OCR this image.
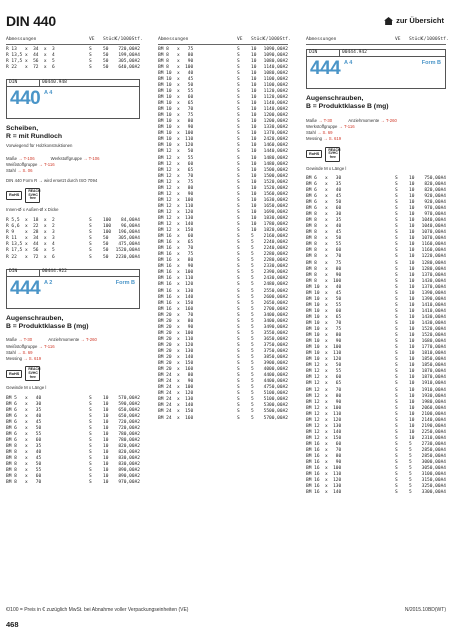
DIN 440	zur Übersicht
Abmessungen	VE	Stück
€/1000Stf.
R 13   x  34  x  3	S	50	720,00A2
R 13,5 x  44  x  4	S	50	199,00A4
R 17,5 x  56  x  5	S	50	305,00A2
R 22   x  72  x  6	S	50	640,00A2
DIN	00440.948
440 A 4
Scheiben,
R = mit Rundloch
Vorwiegend für Holzkonstruktionen
Maße → T-106	Werkstoffgruppe → T-106
Weißstoffgruppe → T-116
Stahl → S. 06
DIN 440 Form R → wird ersetzt durch ISO 7094
RoHS
REACH SVHC free
Innen-Ø x Außen-Ø x Dicke
R 5,5  x  18  x  2	S	100	84,00A4
R 6,6  x  22  x  2	S	100	96,00A4
R 9    x  28  x  3	S	100	196,00A4
R 11   x  34  x  3	S	50	305,00A4
R 13,5 x  44  x  4	S	50	475,00A4
R 17,5 x  56  x  5	S	50	1520,00A4
R 22   x  72  x  6	S	50	2230,00A4
DIN	00444.922
444 A 2	Form B
Augenschrauben,
B = Produktklasse B (mg)
Maße → T-30	Anziehmomente → T-260
Weißstoffgruppe → T-116
Stahl → S. 69
Messing → S. 619
RoHS
REACH SVHC free
Gewinde M x Länge l
BM 5   x   40	S	10	570,00A2
BM 6   x   30	S	10	590,00A2
BM 6   x   35	S	10	650,00A2
BM 6   x   40	S	10	650,00A2
BM 6   x   45	S	10	720,00A2
BM 6   x   50	S	10	720,00A2
BM 6   x   55	S	10	780,00A2
BM 6   x   60	S	10	780,00A2
BM 8   x   35	S	10	820,00A2
BM 8   x   40	S	10	820,00A2
BM 8   x   45	S	10	830,00A2
BM 8   x   50	S	10	830,00A2
BM 8   x   55	S	10	890,00A2
BM 8   x   60	S	10	890,00A2
BM 8   x   70	S	10	970,00A2
Abmessungen	VE	Stück
€/1000Stf.
BM 8   x   75	S	10	1090,00A2
BM 8   x   80	S	10	1090,00A2
BM 8   x   90	S	10	1080,00A2
BM 8   x  100	S	10	1140,00A2
BM 10  x   40	S	10	1080,00A2
BM 10  x   45	S	10	1100,00A2
BM 10  x   50	S	10	1100,00A2
BM 10  x   55	S	10	1120,00A2
BM 10  x   60	S	10	1120,00A2
BM 10  x   65	S	10	1140,00A2
BM 10  x   70	S	10	1140,00A2
BM 10  x   75	S	10	1200,00A2
BM 10  x   80	S	10	1200,00A2
BM 10  x   90	S	10	1330,00A2
BM 10  x  100	S	10	1370,00A2
BM 10  x  110	S	10	2420,00A2
BM 10  x  120	S	10	1460,00A2
BM 12  x   50	S	10	1440,00A2
BM 12  x   55	S	10	1480,00A2
BM 12  x   60	S	10	1480,00A2
BM 12  x   65	S	10	1500,00A2
BM 12  x   70	S	10	1500,00A2
BM 12  x   75	S	10	1520,00A2
BM 12  x   80	S	10	1520,00A2
BM 12  x   90	S	10	1560,00A2
BM 12  x  100	S	10	1630,00A2
BM 12  x  110	S	10	1650,00A2
BM 12  x  120	S	10	1690,00A2
BM 12  x  130	S	10	1830,00A2
BM 12  x  140	S	10	1780,00A2
BM 12  x  150	S	10	1820,00A2
BM 16  x   60	S	5	2160,00A2
BM 16  x   65	S	5	2240,00A2
BM 16  x   70	S	5	2240,00A2
BM 16  x   75	S	5	2280,00A2
BM 16  x   80	S	5	2280,00A2
BM 16  x   90	S	5	2330,00A2
BM 16  x  100	S	5	2390,00A2
BM 16  x  110	S	5	2430,00A2
BM 16  x  120	S	5	2480,00A2
BM 16  x  130	S	5	2550,00A2
BM 16  x  140	S	5	2600,00A2
BM 16  x  150	S	5	2650,00A2
BM 16  x  160	S	5	2700,00A2
BM 20  x   70	S	5	3400,00A2
BM 20  x   80	S	5	3400,00A2
BM 20  x   90	S	5	3490,00A2
BM 20  x  100	S	5	3550,00A2
BM 20  x  110	S	5	3650,00A2
BM 20  x  120	S	5	3750,00A2
BM 20  x  130	S	5	3750,00A2
BM 20  x  140	S	5	3850,00A2
BM 20  x  150	S	5	3900,00A2
BM 20  x  160	S	5	4000,00A2
BM 24  x   80	S	5	4400,00A2
BM 24  x   90	S	5	4400,00A2
BM 24  x  100	S	5	4750,00A2
BM 24  x  120	S	5	5100,00A2
BM 24  x  130	S	5	5100,00A2
BM 24  x  140	S	5	5300,00A2
BM 24  x  150	S	5	5500,00A2
BM 24  x  160	S	5	5700,00A2
Abmessungen	VE	Stück
€/1000Stf.
DIN	00444.942
444 A 4	Form B
Augenschrauben,
B = Produktklasse B (mg)
Maße → T-30	Anziehmomente → T-260
Werkstoffgruppe → T-116
Stahl → S. 69
Messing → S. 619
RoHS
REACH SVHC free
Gewinde M x Länge l
BM 6   x   30	S	10	750,00A4
BM 6   x   35	S	10	820,00A4
BM 6   x   40	S	10	820,00A4
BM 6   x   45	S	10	920,00A4
BM 6   x   50	S	10	920,00A4
BM 6   x   60	S	10	970,00A4
BM 8   x   30	S	10	970,00A4
BM 8   x   35	S	10	1040,00A4
BM 8   x   40	S	10	1040,00A4
BM 8   x   45	S	10	1070,00A4
BM 8   x   50	S	10	1070,00A4
BM 8   x   55	S	10	1160,00A4
BM 8   x   60	S	10	1160,00A4
BM 8   x   70	S	10	1220,00A4
BM 8   x   75	S	10	1280,00A4
BM 8   x   80	S	10	1280,00A4
BM 8   x   90	S	10	1370,00A4
BM 8   x  100	S	10	1430,00A4
BM 10  x   40	S	10	1370,00A4
BM 10  x   45	S	10	1390,00A4
BM 10  x   50	S	10	1390,00A4
BM 10  x   55	S	10	1410,00A4
BM 10  x   60	S	10	1410,00A4
BM 10  x   65	S	10	1430,00A4
BM 10  x   70	S	10	1430,00A4
BM 10  x   75	S	10	1520,00A4
BM 10  x   80	S	10	1520,00A4
BM 10  x   90	S	10	1680,00A4
BM 10  x  100	S	10	1770,00A4
BM 10  x  110	S	10	1810,00A4
BM 10  x  120	S	10	1850,00A4
BM 12  x   50	S	10	1850,00A4
BM 12  x   55	S	10	1870,00A4
BM 12  x   60	S	10	1870,00A4
BM 12  x   65	S	10	1910,00A4
BM 12  x   70	S	10	1910,00A4
BM 12  x   80	S	10	1930,00A4
BM 12  x   90	S	10	1980,00A4
BM 12  x  100	S	10	2060,00A4
BM 12  x  110	S	10	2100,00A4
BM 12  x  120	S	10	2140,00A4
BM 12  x  130	S	10	2190,00A4
BM 12  x  140	S	10	2250,00A4
BM 12  x  150	S	10	2310,00A4
BM 16  x   60	S	5	2730,00A4
BM 16  x   70	S	5	2850,00A4
BM 16  x   80	S	5	2850,00A4
BM 16  x   90	S	5	3000,00A4
BM 16  x  100	S	5	3050,00A4
BM 16  x  110	S	5	3100,00A4
BM 16  x  120	S	5	3150,00A4
BM 16  x  130	S	5	3250,00A4
BM 16  x  140	S	5	3300,00A4
€/100 = Preis in € zuzüglich MwSt. bei Abnahme voller Verpackungseinheiten (VE)	N/2015.10BD(WT)
468
